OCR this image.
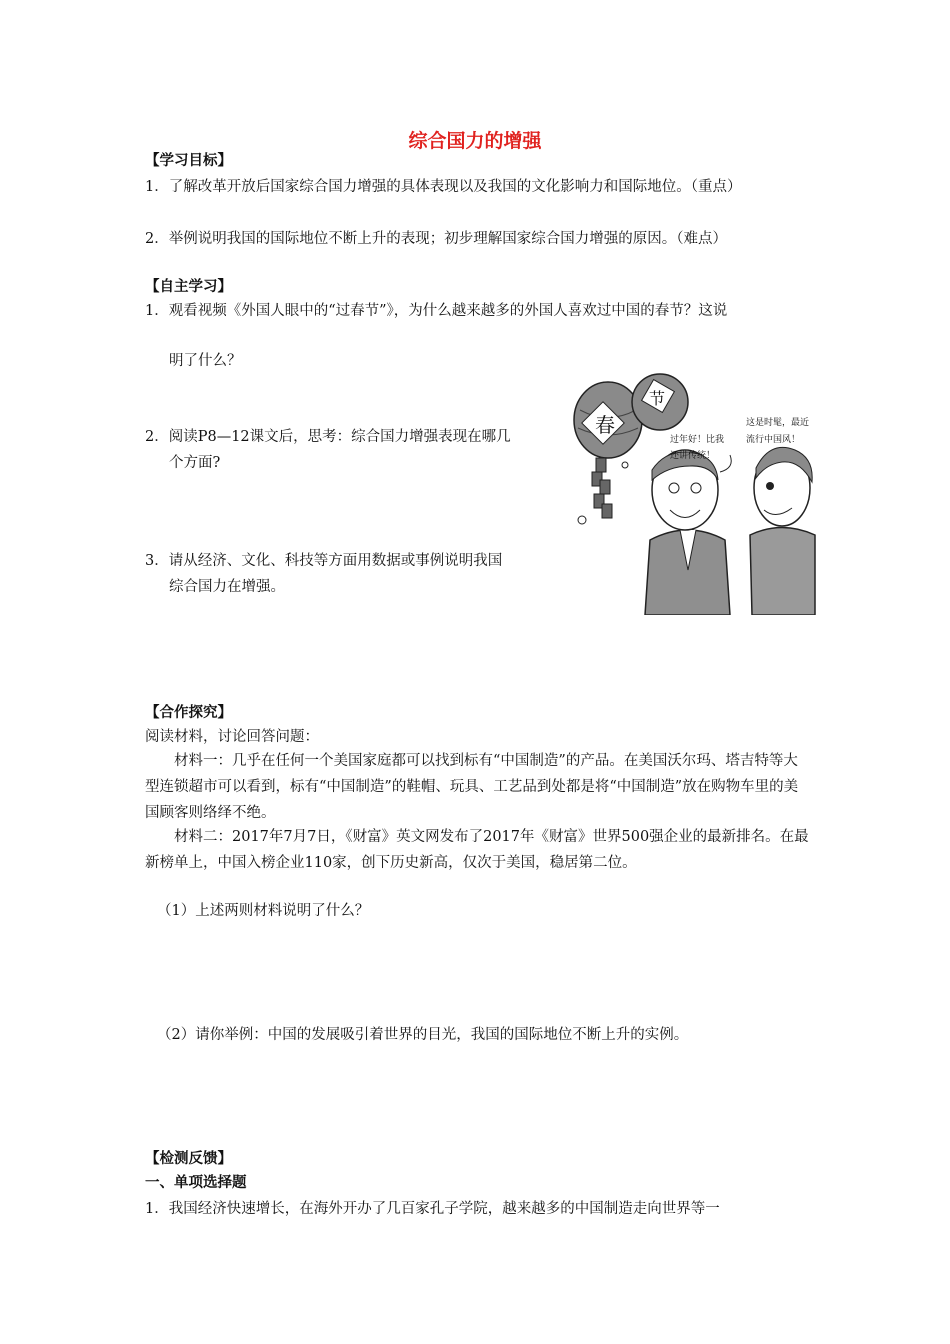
综合国力的增强
【学习目标】
1．了解改革开放后国家综合国力增强的具体表现以及我国的文化影响力和国际地位。（重点）
2．举例说明我国的国际地位不断上升的表现；初步理解国家综合国力增强的原因。（难点）
【自主学习】
1．观看视频《外国人眼中的“过春节”》，为什么越来越多的外国人喜欢过中国的春节？这说
明了什么？
2．阅读P8—12课文后，思考：综合国力增强表现在哪几
个方面?
3．请从经济、文化、科技等方面用数据或事例说明我国
综合国力在增强。
春
节
过年好！比我
还讲传统！
这是时髦，最近
流行中国风！
【合作探究】
阅读材料，讨论回答问题：
材料一：几乎在任何一个美国家庭都可以找到标有“中国制造”的产品。在美国沃尔玛、塔吉特等大型连锁超市可以看到，标有“中国制造”的鞋帽、玩具、工艺品到处都是将“中国制造”放在购物车里的美国顾客则络绎不绝。
材料二：2017年7月7日，《财富》英文网发布了2017年《财富》世界500强企业的最新排名。在最新榜单上，中国入榜企业110家，创下历史新高，仅次于美国，稳居第二位。
（1）上述两则材料说明了什么？
（2）请你举例：中国的发展吸引着世界的目光，我国的国际地位不断上升的实例。
【检测反馈】
一、单项选择题
1．我国经济快速增长，在海外开办了几百家孔子学院，越来越多的中国制造走向世界等一
